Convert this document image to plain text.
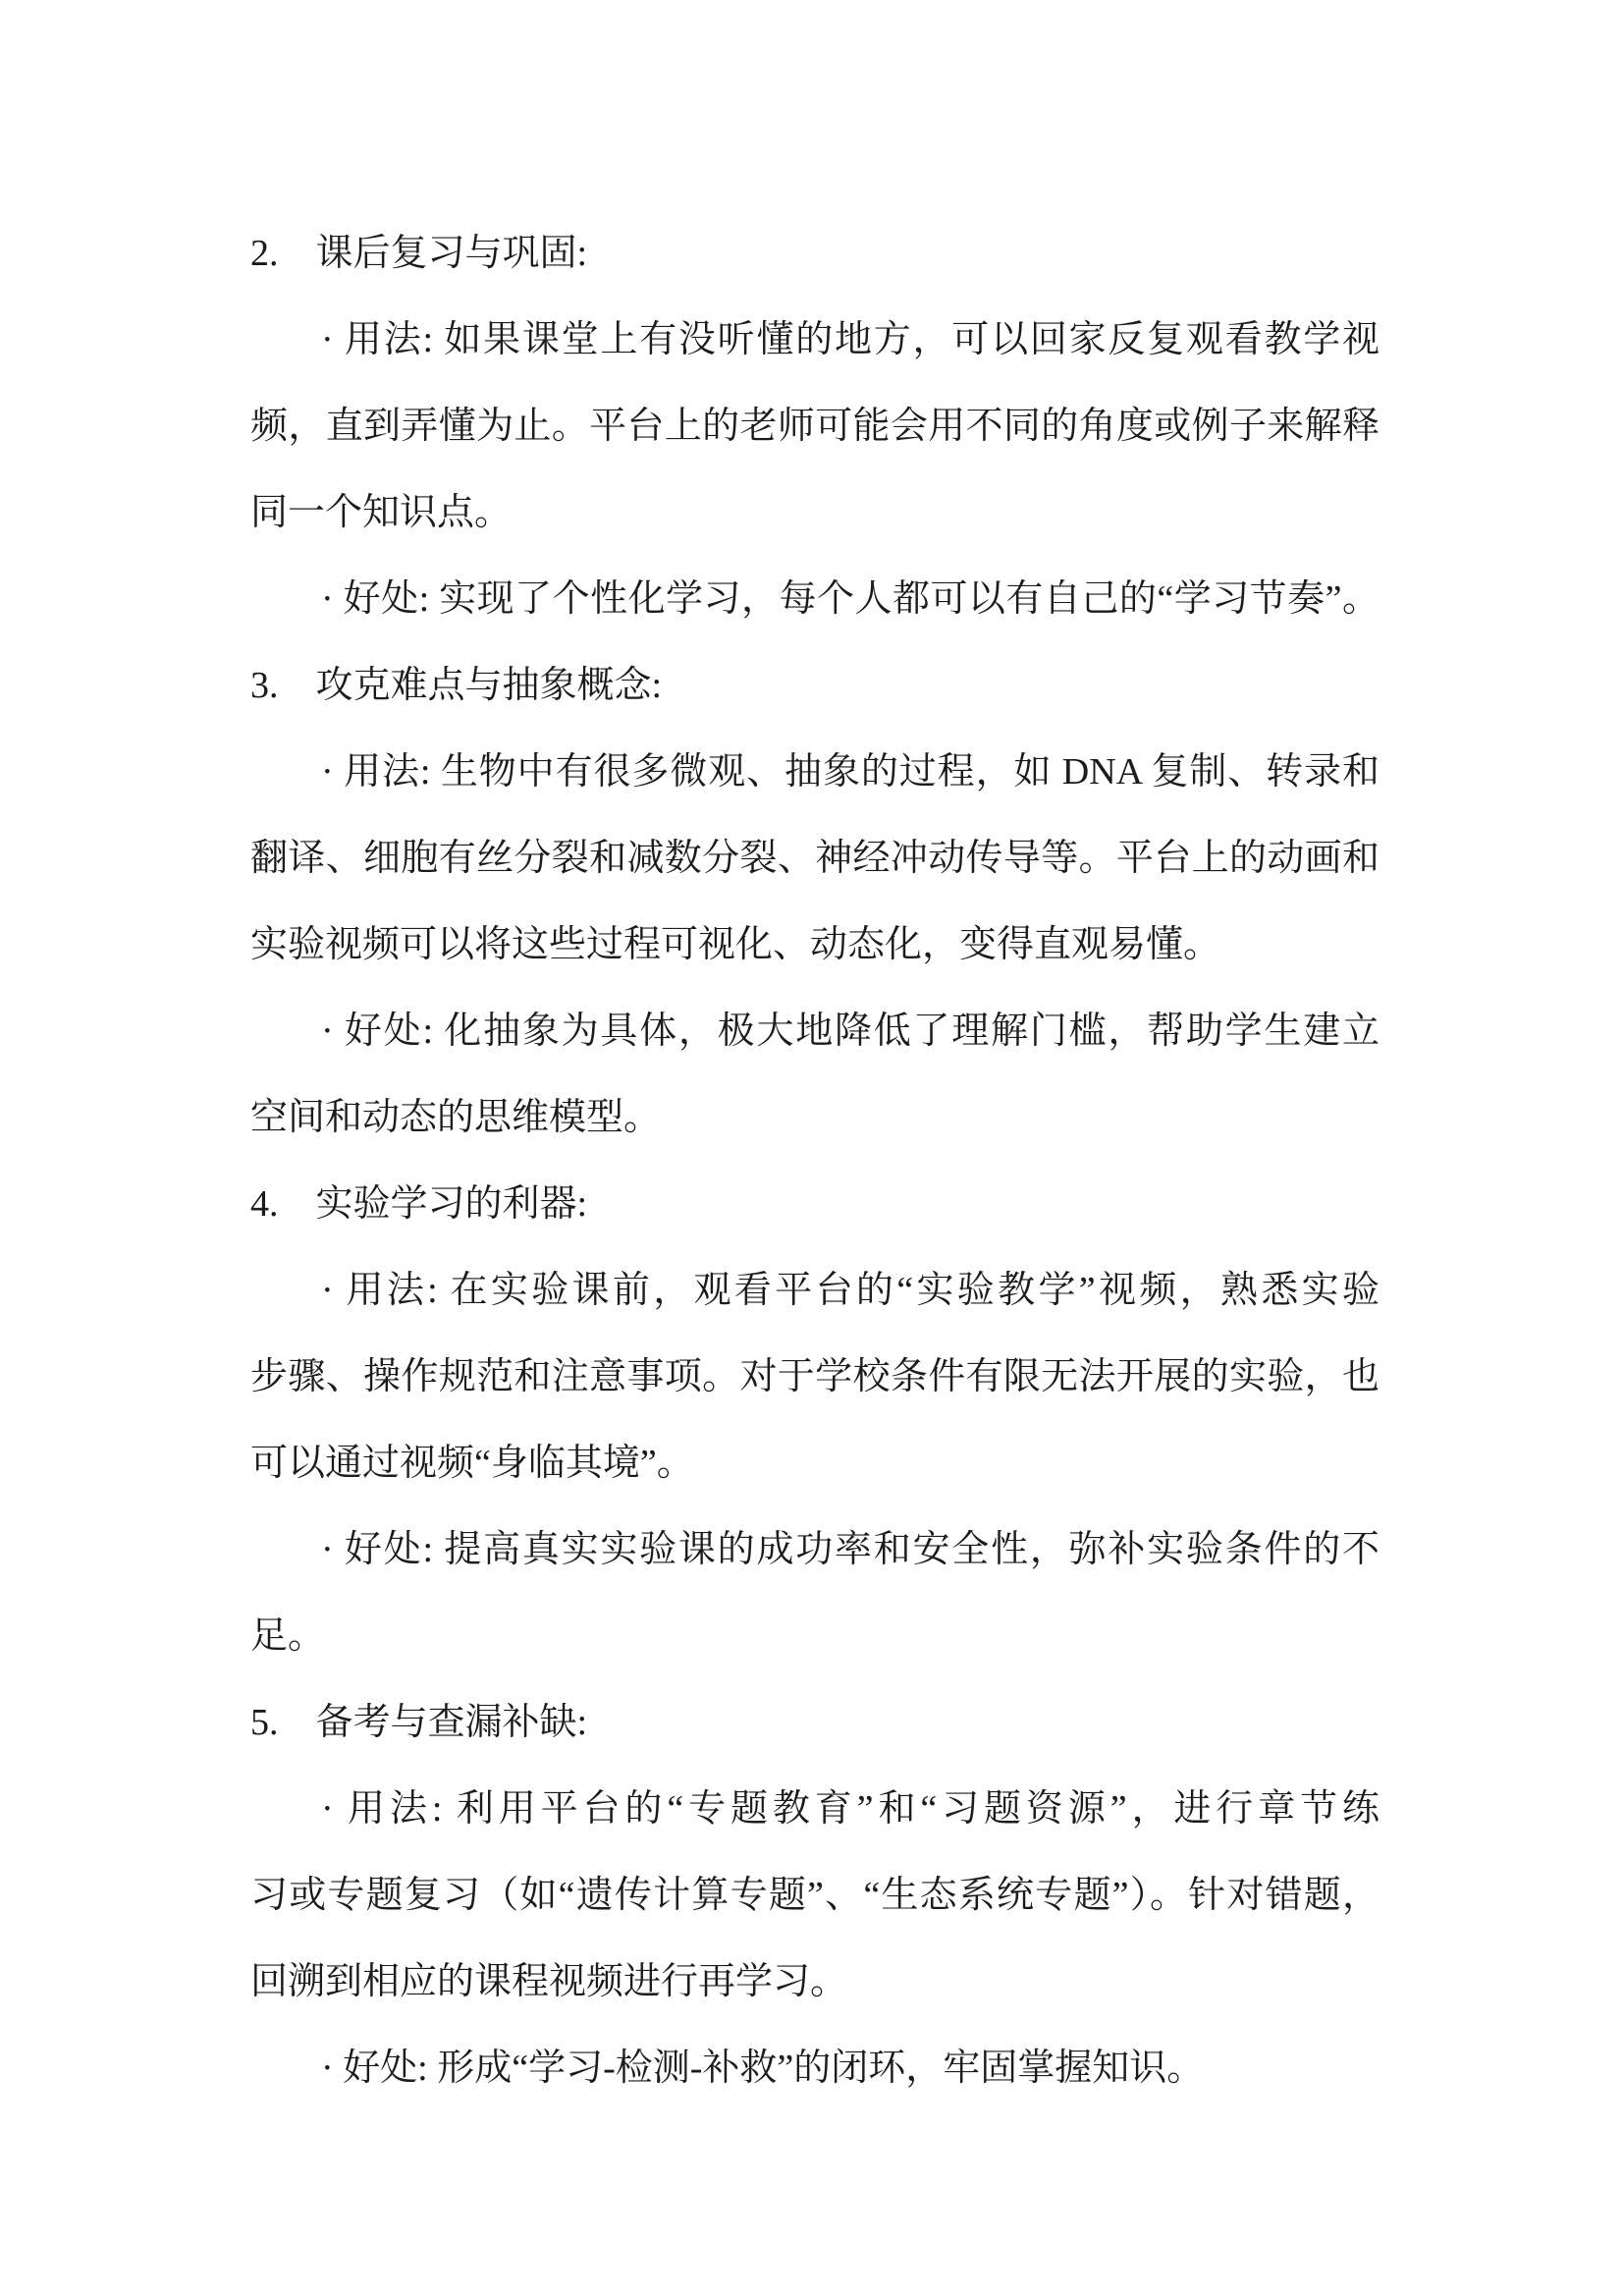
2.　课后复习与巩固:
· 用法: 如果课堂上有没听懂的地方，可以回家反复观看教学视
频，直到弄懂为止。平台上的老师可能会用不同的角度或例子来解释
同一个知识点。
· 好处: 实现了个性化学习，每个人都可以有自己的“学习节奏”。
3.　攻克难点与抽象概念:
· 用法: 生物中有很多微观、抽象的过程，如 DNA 复制、转录和
翻译、细胞有丝分裂和减数分裂、神经冲动传导等。平台上的动画和
实验视频可以将这些过程可视化、动态化，变得直观易懂。
· 好处: 化抽象为具体，极大地降低了理解门槛，帮助学生建立
空间和动态的思维模型。
4.　实验学习的利器:
· 用法: 在实验课前，观看平台的“实验教学”视频，熟悉实验
步骤、操作规范和注意事项。对于学校条件有限无法开展的实验，也
可以通过视频“身临其境”。
· 好处: 提高真实实验课的成功率和安全性，弥补实验条件的不
足。
5.　备考与查漏补缺:
· 用法: 利用平台的“专题教育”和“习题资源”，进行章节练
习或专题复习（如“遗传计算专题”、“生态系统专题”）。针对错题，
回溯到相应的课程视频进行再学习。
· 好处: 形成“学习-检测-补救”的闭环，牢固掌握知识。
